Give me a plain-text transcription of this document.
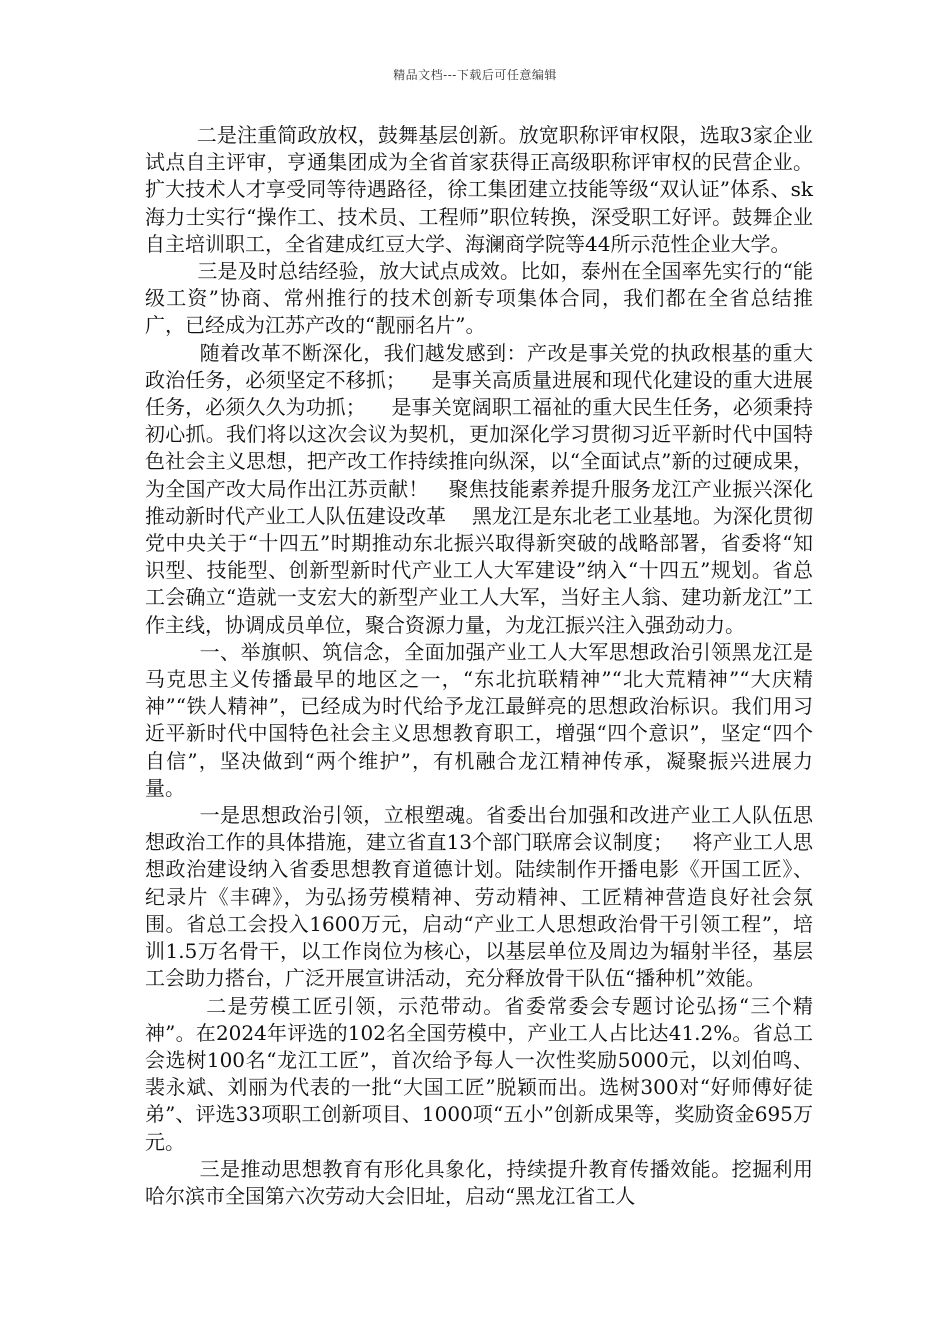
精品文档---下载后可任意编辑

二是注重简政放权，鼓舞基层创新。放宽职称评审权限，选取3家企业试点自主评审，亨通集团成为全省首家获得正高级职称评审权的民营企业。扩大技术人才享受同等待遇路径，徐工集团建立技能等级“双认证”体系、sk海力士实行“操作工、技术员、工程师”职位转换，深受职工好评。鼓舞企业自主培训职工，全省建成红豆大学、海澜商学院等44所示范性企业大学。

三是及时总结经验，放大试点成效。比如，泰州在全国率先实行的“能级工资”协商、常州推行的技术创新专项集体合同，我们都在全省总结推广，已经成为江苏产改的“靓丽名片”。

随着改革不断深化，我们越发感到：产改是事关党的执政根基的重大政治任务，必须坚定不移抓；    是事关高质量进展和现代化建设的重大进展任务，必须久久为功抓；    是事关宽阔职工福祉的重大民生任务，必须秉持初心抓。我们将以这次会议为契机，更加深化学习贯彻习近平新时代中国特色社会主义思想，把产改工作持续推向纵深，以“全面试点”新的过硬成果，为全国产改大局作出江苏贡献！   聚焦技能素养提升服务龙江产业振兴深化推动新时代产业工人队伍建设改革    黑龙江是东北老工业基地。为深化贯彻党中央关于“十四五”时期推动东北振兴取得新突破的战略部署，省委将“知识型、技能型、创新型新时代产业工人大军建设”纳入“十四五”规划。省总工会确立“造就一支宏大的新型产业工人大军，当好主人翁、建功新龙江”工作主线，协调成员单位，聚合资源力量，为龙江振兴注入强劲动力。

一、举旗帜、筑信念，全面加强产业工人大军思想政治引领黑龙江是马克思主义传播最早的地区之一，“东北抗联精神”“北大荒精神”“大庆精神”“铁人精神”，已经成为时代给予龙江最鲜亮的思想政治标识。我们用习近平新时代中国特色社会主义思想教育职工，增强“四个意识”，坚定“四个自信”，坚决做到“两个维护”，有机融合龙江精神传承，凝聚振兴进展力量。

一是思想政治引领，立根塑魂。省委出台加强和改进产业工人队伍思想政治工作的具体措施，建立省直13个部门联席会议制度；   将产业工人思想政治建设纳入省委思想教育道德计划。陆续制作开播电影《开国工匠》、纪录片《丰碑》，为弘扬劳模精神、劳动精神、工匠精神营造良好社会氛围。省总工会投入1600万元，启动“产业工人思想政治骨干引领工程”，培训1.5万名骨干，以工作岗位为核心，以基层单位及周边为辐射半径，基层工会助力搭台，广泛开展宣讲活动，充分释放骨干队伍“播种机”效能。

二是劳模工匠引领，示范带动。省委常委会专题讨论弘扬“三个精神”。在2024年评选的102名全国劳模中，产业工人占比达41.2%。省总工会选树100名“龙江工匠”，首次给予每人一次性奖励5000元，以刘伯鸣、裴永斌、刘丽为代表的一批“大国工匠”脱颖而出。选树300对“好师傅好徒弟”、评选33项职工创新项目、1000项“五小”创新成果等，奖励资金695万元。

三是推动思想教育有形化具象化，持续提升教育传播效能。挖掘利用哈尔滨市全国第六次劳动大会旧址，启动“黑龙江省工人
